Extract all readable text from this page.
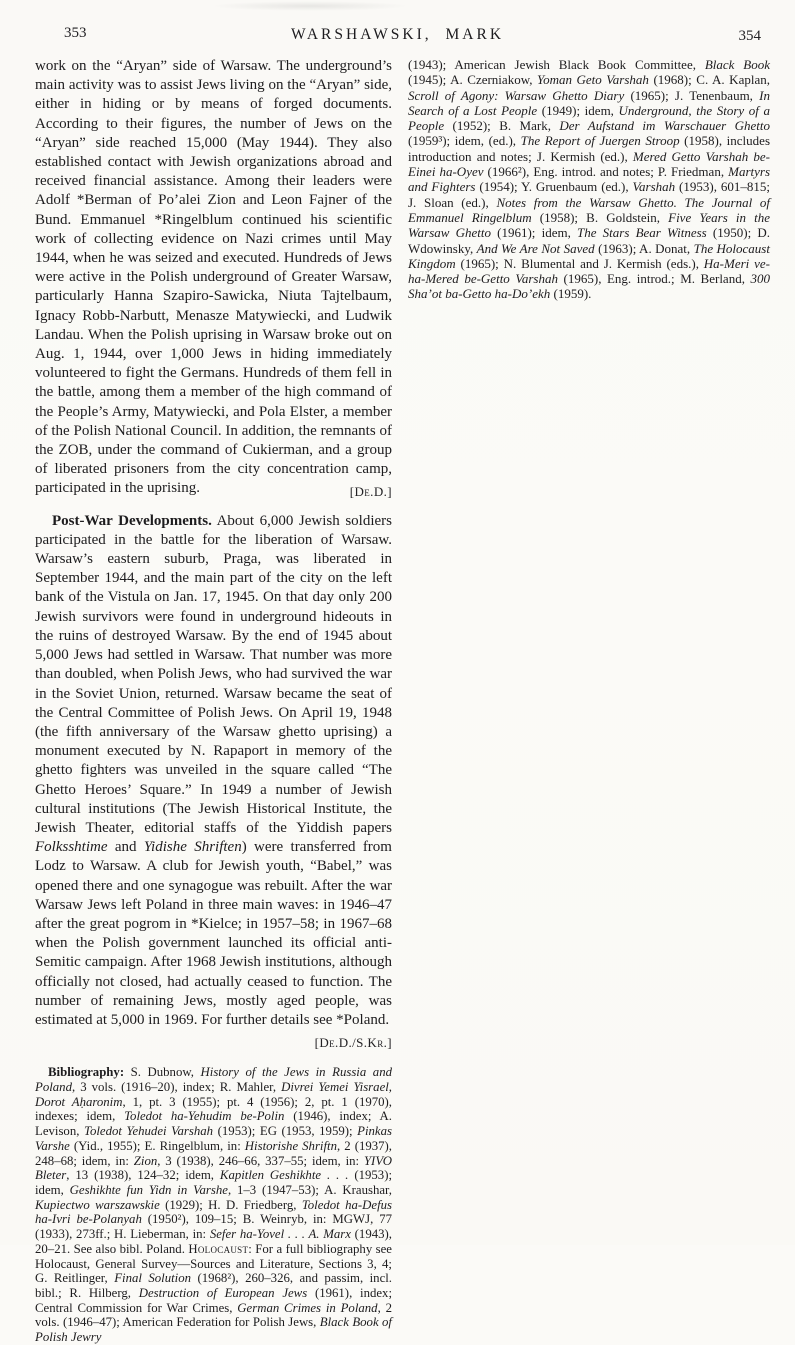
353	WARSHAWSKI, MARK	354

work on the “Aryan” side of Warsaw. The underground’s main activity was to assist Jews living on the “Aryan” side, either in hiding or by means of forged documents. According to their figures, the number of Jews on the “Aryan” side reached 15,000 (May 1944). They also established contact with Jewish organizations abroad and received financial assistance. Among their leaders were Adolf *Berman of Po’alei Zion and Leon Fajner of the Bund. Emmanuel *Ringelblum continued his scientific work of collecting evidence on Nazi crimes until May 1944, when he was seized and executed. Hundreds of Jews were active in the Polish underground of Greater Warsaw, particularly Hanna Szapiro-Sawicka, Niuta Tajtelbaum, Ignacy Robb-Narbutt, Menasze Matywiecki, and Ludwik Landau. When the Polish uprising in Warsaw broke out on Aug. 1, 1944, over 1,000 Jews in hiding immediately volunteered to fight the Germans. Hundreds of them fell in the battle, among them a member of the high command of the People’s Army, Matywiecki, and Pola Elster, a member of the Polish National Council. In addition, the remnants of the ZOB, under the command of Cukierman, and a group of liberated prisoners from the city concentration camp, participated in the uprising.	[De.D.]

Post-War Developments. About 6,000 Jewish soldiers participated in the battle for the liberation of Warsaw. Warsaw’s eastern suburb, Praga, was liberated in September 1944, and the main part of the city on the left bank of the Vistula on Jan. 17, 1945. On that day only 200 Jewish survivors were found in underground hideouts in the ruins of destroyed Warsaw. By the end of 1945 about 5,000 Jews had settled in Warsaw. That number was more than doubled, when Polish Jews, who had survived the war in the Soviet Union, returned. Warsaw became the seat of the Central Committee of Polish Jews. On April 19, 1948 (the fifth anniversary of the Warsaw ghetto uprising) a monument executed by N. Rapaport in memory of the ghetto fighters was unveiled in the square called “The Ghetto Heroes’ Square.” In 1949 a number of Jewish cultural institutions (The Jewish Historical Institute, the Jewish Theater, editorial staffs of the Yiddish papers Folksshtime and Yidishe Shriften) were transferred from Lodz to Warsaw. A club for Jewish youth, “Babel,” was opened there and one synagogue was rebuilt. After the war Warsaw Jews left Poland in three main waves: in 1946–47 after the great pogrom in *Kielce; in 1957–58; in 1967–68 when the Polish government launched its official anti-Semitic campaign. After 1968 Jewish institutions, although officially not closed, had actually ceased to function. The number of remaining Jews, mostly aged people, was estimated at 5,000 in 1969. For further details see *Poland.
[De.D./S.Kr.]

Bibliography: S. Dubnow, History of the Jews in Russia and Poland, 3 vols. (1916–20), index; R. Mahler, Divrei Yemei Yisrael, Dorot Aḥaronim, 1, pt. 3 (1955); pt. 4 (1956); 2, pt. 1 (1970), indexes; idem, Toledot ha-Yehudim be-Polin (1946), index; A. Levison, Toledot Yehudei Varshah (1953); EG (1953, 1959); Pinkas Varshe (Yid., 1955); E. Ringelblum, in: Historishe Shriftn, 2 (1937), 248–68; idem, in: Zion, 3 (1938), 246–66, 337–55; idem, in: YIVO Bleter, 13 (1938), 124–32; idem, Kapitlen Geshikhte . . . (1953); idem, Geshikhte fun Yidn in Varshe, 1–3 (1947–53); A. Kraushar, Kupiectwo warszawskie (1929); H. D. Friedberg, Toledot ha-Defus ha-Ivri be-Polanyah (1950²), 109–15; B. Weinryb, in: MGWJ, 77 (1933), 273ff.; H. Lieberman, in: Sefer ha-Yovel . . . A. Marx (1943), 20–21. See also bibl. Poland. Holocaust: For a full bibliography see Holocaust, General Survey—Sources and Literature, Sections 3, 4; G. Reitlinger, Final Solution (1968²), 260–326, and passim, incl. bibl.; R. Hilberg, Destruction of European Jews (1961), index; Central Commission for War Crimes, German Crimes in Poland, 2 vols. (1946–47); American Federation for Polish Jews, Black Book of Polish Jewry

(1943); American Jewish Black Book Committee, Black Book (1945); A. Czerniakow, Yoman Geto Varshah (1968); C. A. Kaplan, Scroll of Agony: Warsaw Ghetto Diary (1965); J. Tenenbaum, In Search of a Lost People (1949); idem, Underground, the Story of a People (1952); B. Mark, Der Aufstand im Warschauer Ghetto (1959³); idem, (ed.), The Report of Juergen Stroop (1958), includes introduction and notes; J. Kermish (ed.), Mered Getto Varshah be-Einei ha-Oyev (1966²), Eng. introd. and notes; P. Friedman, Martyrs and Fighters (1954); Y. Gruenbaum (ed.), Varshah (1953), 601–815; J. Sloan (ed.), Notes from the Warsaw Ghetto. The Journal of Emmanuel Ringelblum (1958); B. Goldstein, Five Years in the Warsaw Ghetto (1961); idem, The Stars Bear Witness (1950); D. Wdowinsky, And We Are Not Saved (1963); A. Donat, The Holocaust Kingdom (1965); N. Blumental and J. Kermish (eds.), Ha-Meri ve-ha-Mered be-Getto Varshah (1965), Eng. introd.; M. Berland, 300 Sha’ot ba-Getto ha-Do’ekh (1959).
